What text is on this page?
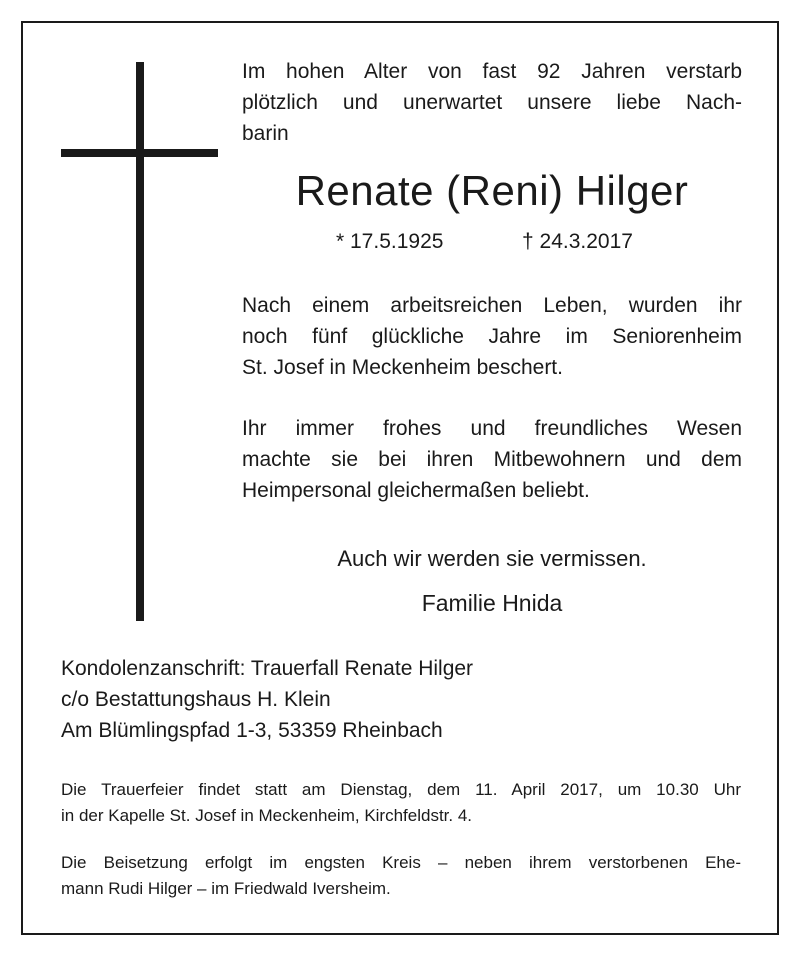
Im hohen Alter von fast 92 Jahren verstarb
plötzlich und unerwartet unsere liebe Nach-
barin
Renate (Reni) Hilger
* 17.5.1925	† 24.3.2017
Nach einem arbeitsreichen Leben, wurden ihr
noch fünf glückliche Jahre im Seniorenheim
St. Josef in Meckenheim beschert.
Ihr immer frohes und freundliches Wesen
machte sie bei ihren Mitbewohnern und dem
Heimpersonal gleichermaßen beliebt.
Auch wir werden sie vermissen.
Familie Hnida
Kondolenzanschrift: Trauerfall Renate Hilger
c/o Bestattungshaus H. Klein
Am Blümlingspfad 1-3, 53359 Rheinbach
Die Trauerfeier findet statt am Dienstag, dem 11. April 2017, um 10.30 Uhr
in der Kapelle St. Josef in Meckenheim, Kirchfeldstr. 4.
Die Beisetzung erfolgt im engsten Kreis – neben ihrem verstorbenen Ehe-
mann Rudi Hilger – im Friedwald Iversheim.
